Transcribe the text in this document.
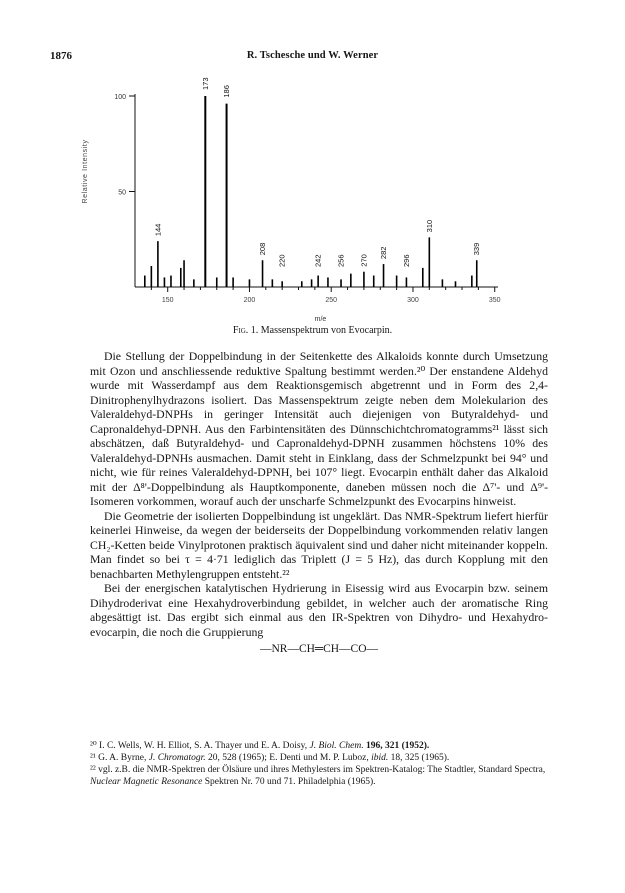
1876	R. Tschesche und W. Werner
100
50
Relative Intensity
150	200	250	300	350
m/e
144
173
186
208
220	242 256 270
282
296
310
339
Fig. 1. Massenspektrum von Evocarpin.

Die Stellung der Doppelbindung in der Seitenkette des Alkaloids konnte durch Umsetzung mit Ozon und anschliessende reduktive Spaltung bestimmt werden.²⁰ Der enstandene Aldehyd wurde mit Wasserdampf aus dem Reaktionsgemisch abgetrennt und in Form des 2,4-Dinitrophenylhydrazons isoliert. Das Massenspektrum zeigte neben dem Molekularion des Valeraldehyd-DNPHs in geringer Intensität auch diejenigen von Butyraldehyd- und Capronaldehyd-DPNH. Aus den Farbintensitäten des Dünnschichtchromatogramms²¹ lässt sich abschätzen, daß Butyraldehyd- und Capronaldehyd-DPNH zusammen höchstens 10% des Valeraldehyd-DPNHs ausmachen. Damit steht in Einklang, dass der Schmelzpunkt bei 94° und nicht, wie für reines Valeraldehyd-DPNH, bei 107° liegt. Evocarpin enthält daher das Alkaloid mit der Δ⁸'-Doppelbindung als Hauptkomponente, daneben müssen noch die Δ⁷'- und Δ⁹'-Isomeren vorkommen, worauf auch der unscharfe Schmelzpunkt des Evocarpins hinweist.

Die Geometrie der isolierten Doppelbindung ist ungeklärt. Das NMR-Spektrum liefert hierfür keinerlei Hinweise, da wegen der beiderseits der Doppelbindung vorkommenden relativ langen CH₂-Ketten beide Vinylprotonen praktisch äquivalent sind und daher nicht miteinander koppeln. Man findet so bei τ = 4·71 lediglich das Triplett (J = 5 Hz), das durch Kopplung mit den benachbarten Methylengruppen entsteht.²²

Bei der energischen katalytischen Hydrierung in Eisessig wird aus Evocarpin bzw. seinem Dihydroderivat eine Hexahydroverbindung gebildet, in welcher auch der aromatische Ring abgesättigt ist. Das ergibt sich einmal aus den IR-Spektren von Dihydro- und Hexahydro- evocarpin, die noch die Gruppierung

—NR—CH═CH—CO—
²⁰ I. C. Wells, W. H. Elliot, S. A. Thayer und E. A. Doisy, J. Biol. Chem. 196, 321 (1952).
²¹ G. A. Byrne, J. Chromatogr. 20, 528 (1965); E. Denti und M. P. Luboz, ibid. 18, 325 (1965).
²² vgl. z.B. die NMR-Spektren der Ölsäure und ihres Methylesters im Spektren-Katalog: The Stadtler, Standard Spectra, Nuclear Magnetic Resonance Spektren Nr. 70 und 71. Philadelphia (1965).
